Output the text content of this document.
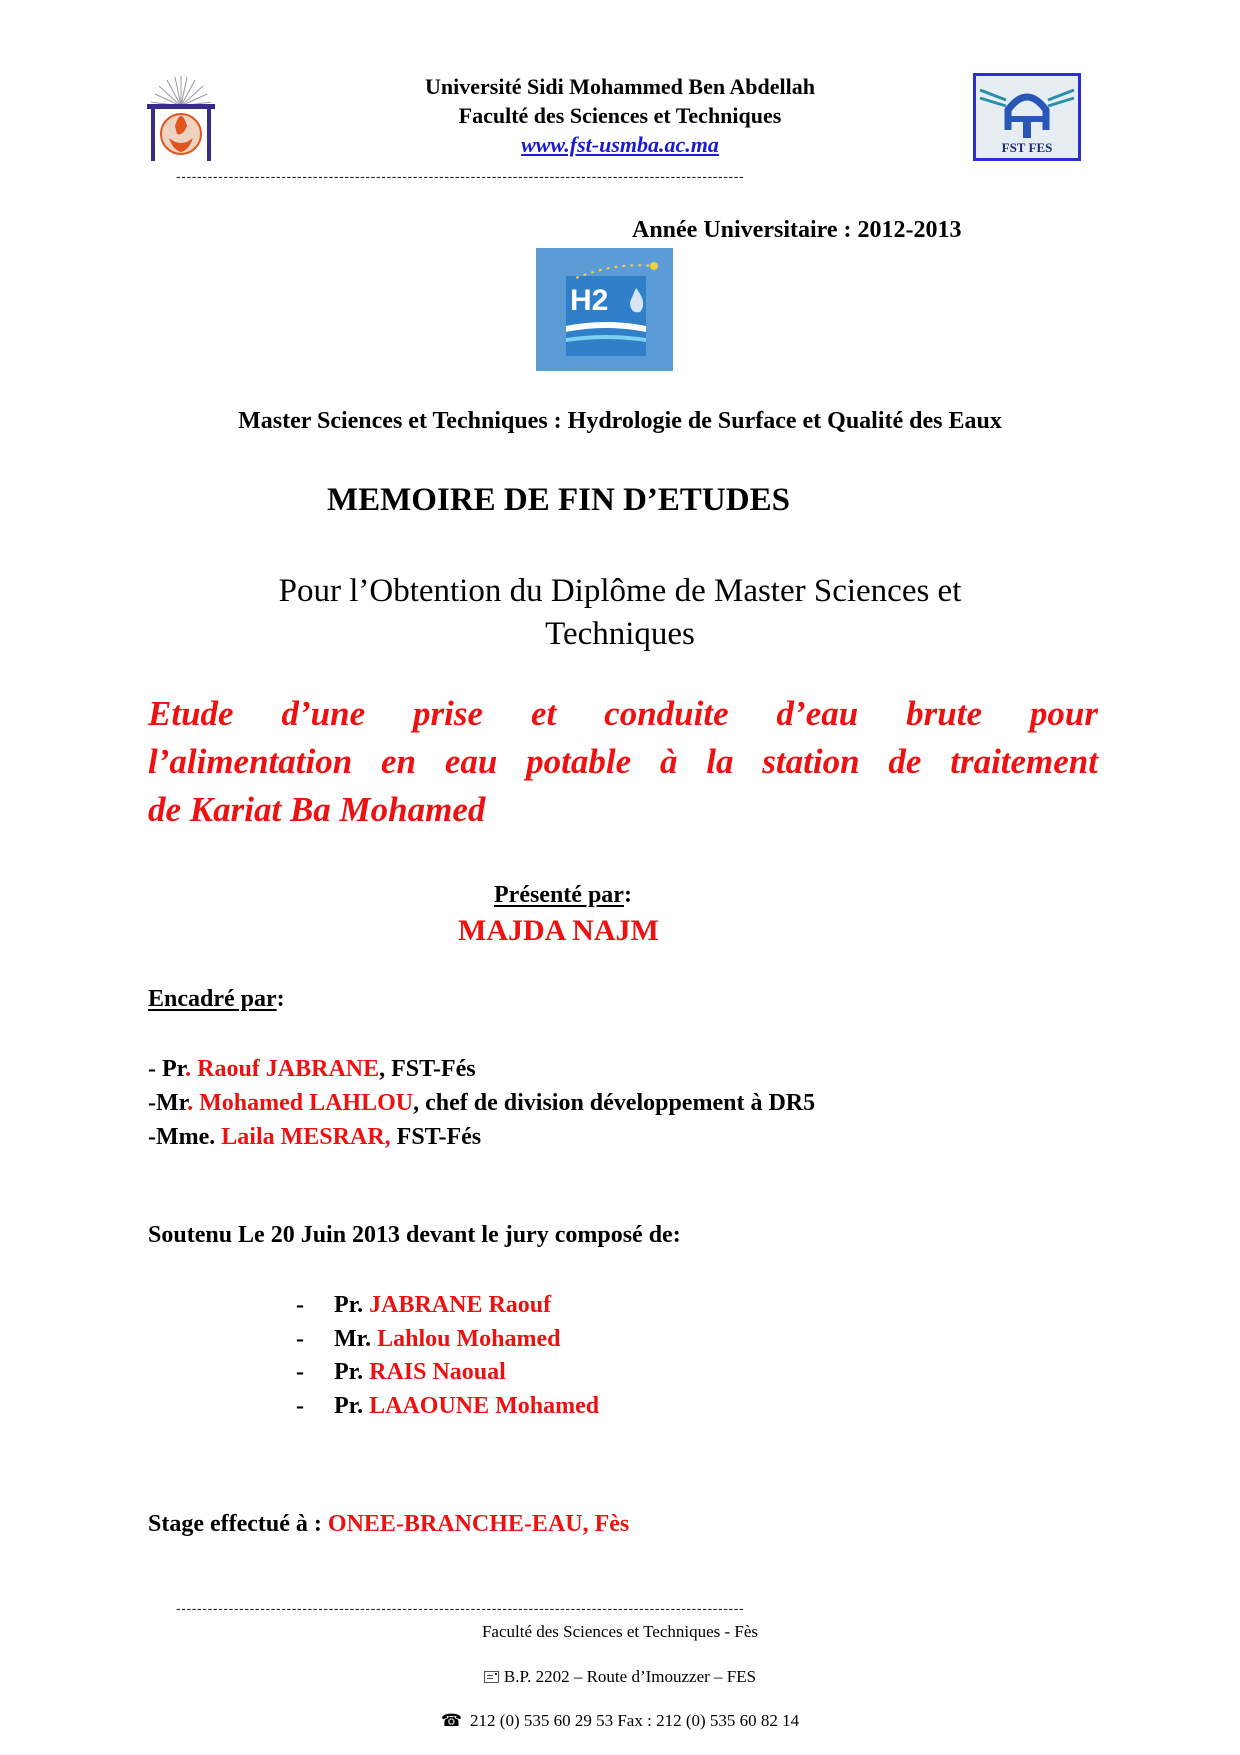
Université Sidi Mohammed Ben Abdellah
Faculté des Sciences et Techniques
www.fst-usmba.ac.ma	FST FES
------------------------------------------------------------------------------------------------------------
Année Universitaire : 2012-2013
H2
Master Sciences et Techniques : Hydrologie de Surface et Qualité des Eaux
MEMOIRE DE FIN D’ETUDES
Pour l’Obtention du Diplôme de Master Sciences et
Techniques
Etude d’une prise et conduite d’eau brute pour
l’alimentation en eau potable à la station de traitement
de Kariat Ba Mohamed
Présenté par:
MAJDA NAJM
Encadré par:
- Pr. Raouf JABRANE, FST-Fés
-Mr. Mohamed LAHLOU, chef de division développement à DR5
-Mme. Laila MESRAR, FST-Fés
Soutenu Le 20 Juin 2013 devant le jury composé de:
- Pr. JABRANE Raouf
- Mr. Lahlou Mohamed
- Pr. RAIS Naoual
- Pr. LAAOUNE Mohamed
Stage effectué à : ONEE-BRANCHE-EAU, Fès
------------------------------------------------------------------------------------------------------------
Faculté des Sciences et Techniques - Fès
B.P. 2202 – Route d’Imouzzer – FES
☎ 212 (0) 535 60 29 53 Fax : 212 (0) 535 60 82 14
